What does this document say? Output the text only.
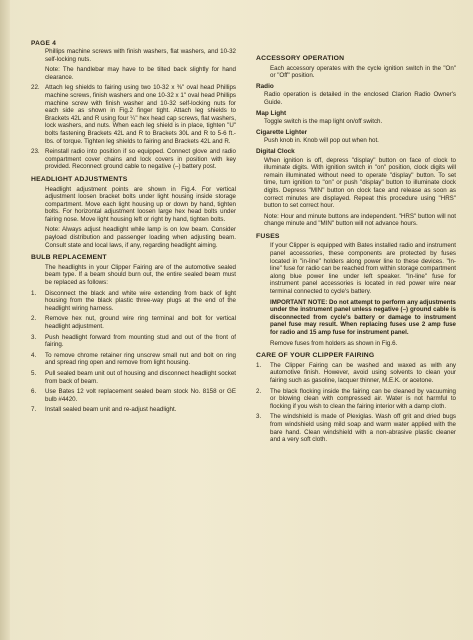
PAGE 4

Phillips machine screws with finish washers, flat washers, and 10-32 self-locking nuts.

Note: The handlebar may have to be tilted back slightly for hand clearance.

22. Attach leg shields to fairing using two 10-32 x ⅜" oval head Phillips machine screws, finish washers and one 10-32 x 1" oval head Phillips machine screw with finish washer and 10-32 self-locking nuts for each side as shown in Fig.2 finger tight. Attach leg shields to Brackets 42L and R using four ¼" hex head cap screws, flat washers, lock washers, and nuts. When each leg shield is in place, tighten "U" bolts fastening Brackets 42L and R to Brackets 30L and R to 5-6 ft.-lbs. of torque. Tighten leg shields to fairing and Brackets 42L and R.
23. Reinstall radio into position if so equipped. Connect glove and radio compartment cover chains and lock covers in position with key provided. Reconnect ground cable to negative (–) battery post.
HEADLIGHT ADJUSTMENTS

Headlight adjustment points are shown in Fig.4. For vertical adjustment loosen bracket bolts under light housing inside storage compartment. Move each light housing up or down by hand, tighten bolts. For horizontal adjustment loosen large hex head bolts under fairing nose. Move light housing left or right by hand, tighten bolts.

Note: Always adjust headlight while lamp is on low beam. Consider payload distribution and passenger loading when adjusting beam. Consult state and local laws, if any, regarding headlight aiming.

BULB REPLACEMENT

The headlights in your Clipper Fairing are of the automotive sealed beam type. If a beam should burn out, the entire sealed beam must be replaced as follows:

1.	Disconnect the black and white wire extending from back of light housing from the black plastic three-way plugs at the end of the headlight wiring harness.
2.	Remove hex nut, ground wire ring terminal and bolt for vertical headlight adjustment.
3.	Push headlight forward from mounting stud and out of the front of fairing.
4.	To remove chrome retainer ring unscrew small nut and bolt on ring and spread ring open and remove from light housing.
5.	Pull sealed beam unit out of housing and disconnect headlight socket from back of beam.
6.	Use Bates 12 volt replacement sealed beam stock No. 8158 or GE bulb #4420.
7.	Install sealed beam unit and re-adjust headlight.
ACCESSORY OPERATION

Each accessory operates with the cycle ignition switch in the "On" or "Off" position.

Radio

Radio operation is detailed in the enclosed Clarion Radio Owner's Guide.

Map Light

Toggle switch is the map light on/off switch.

Cigarette Lighter

Push knob in. Knob will pop out when hot.

Digital Clock

When ignition is off, depress "display" button on face of clock to illuminate digits. With ignition switch in "on" position, clock digits will remain illuminated without need to operate "display" button. To set time, turn ignition to "on" or push "display" button to illuminate clock digits. Depress "MIN" button on clock face and release as soon as correct minutes are displayed. Repeat this procedure using "HRS" button to set correct hour.

Note: Hour and minute buttons are independent. "HRS" button will not change minute and "MIN" button will not advance hours.

FUSES

If your Clipper is equipped with Bates installed radio and instrument panel accessories, these components are protected by fuses located in "in-line" holders along power line to these devices. "In-line" fuse for radio can be reached from within storage compartment along blue power line under left speaker. "In-line" fuse for instrument panel accessories is located in red power wire near terminal connected to cycle's battery.

IMPORTANT NOTE: Do not attempt to perform any adjustments under the instrument panel unless negative (–) ground cable is disconnected from cycle's battery or damage to instrument panel fuse may result. When replacing fuses use 2 amp fuse for radio and 15 amp fuse for instrument panel.

Remove fuses from holders as shown in Fig.6.

CARE OF YOUR CLIPPER FAIRING
1.	The Clipper Fairing can be washed and waxed as with any automotive finish. However, avoid using solvents to clean your fairing such as gasoline, lacquer thinner, M.E.K. or acetone.
2.	The black flocking inside the fairing can be cleaned by vacuuming or blowing clean with compressed air. Water is not harmful to flocking if you wish to clean the fairing interior with a damp cloth.
3.	The windshield is made of Plexiglas. Wash off grit and dried bugs from windshield using mild soap and warm water applied with the bare hand. Clean windshield with a non-abrasive plastic cleaner and a very soft cloth.
